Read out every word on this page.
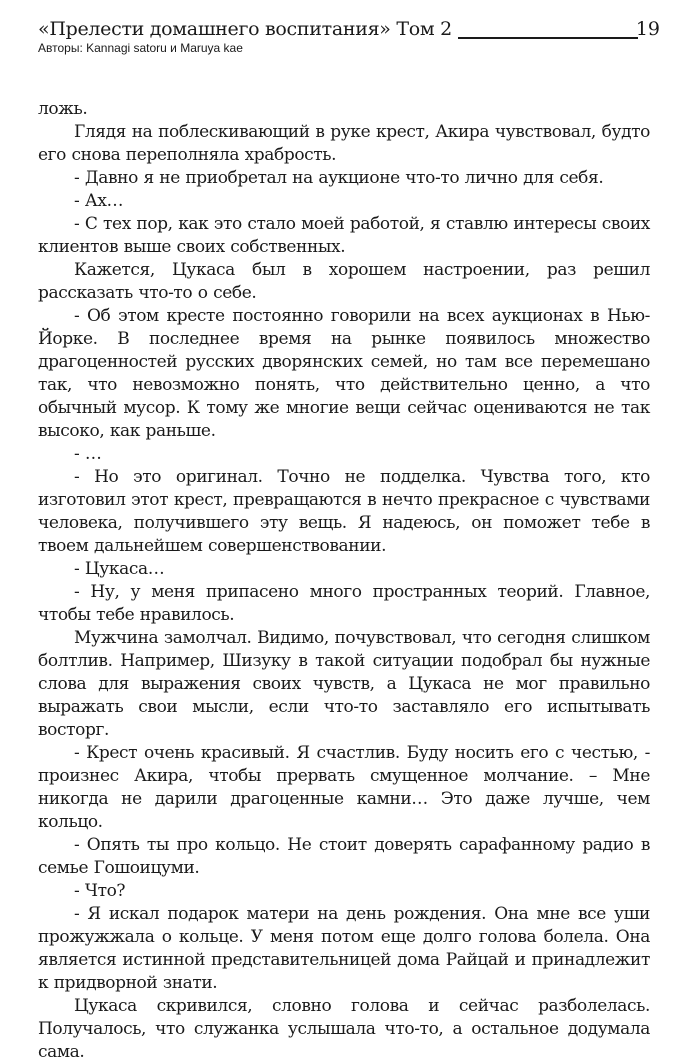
«Прелести домашнего воспитания» Том 2
Авторы: Kannagi satoru и Maruya kae
19

ложь.

Глядя на поблескивающий в руке крест, Акира чувствовал, будто его снова переполняла храбрость.

- Давно я не приобретал на аукционе что-то лично для себя.

- Ах…

- С тех пор, как это стало моей работой, я ставлю интересы своих клиентов выше своих собственных.

Кажется, Цукаса был в хорошем настроении, раз решил рассказать что-то о себе.

- Об этом кресте постоянно говорили на всех аукционах в Нью-Йорке. В последнее время на рынке появилось множество драгоценностей русских дворянских семей, но там все перемешано так, что невозможно понять, что действительно ценно, а что обычный мусор. К тому же многие вещи сейчас оцениваются не так высоко, как раньше.

- …

- Но это оригинал. Точно не подделка. Чувства того, кто изготовил этот крест, превращаются в нечто прекрасное с чувствами человека, получившего эту вещь. Я надеюсь, он поможет тебе в твоем дальнейшем совершенствовании.

- Цукаса…

- Ну, у меня припасено много пространных теорий. Главное, чтобы тебе нравилось.

Мужчина замолчал. Видимо, почувствовал, что сегодня слишком болтлив. Например, Шизуку в такой ситуации подобрал бы нужные слова для выражения своих чувств, а Цукаса не мог правильно выражать свои мысли, если что-то заставляло его испытывать восторг.

- Крест очень красивый. Я счастлив. Буду носить его с честью, - произнес Акира, чтобы прервать смущенное молчание. – Мне никогда не дарили драгоценные камни… Это даже лучше, чем кольцо.

- Опять ты про кольцо. Не стоит доверять сарафанному радио в семье Гошоицуми.

- Что?

- Я искал подарок матери на день рождения. Она мне все уши прожужжала о кольце. У меня потом еще долго голова болела. Она является истинной представительницей дома Райцай и принадлежит к придворной знати.

Цукаса скривился, словно голова и сейчас разболелась. Получалось, что служанка услышала что-то, а остальное додумала сама.
